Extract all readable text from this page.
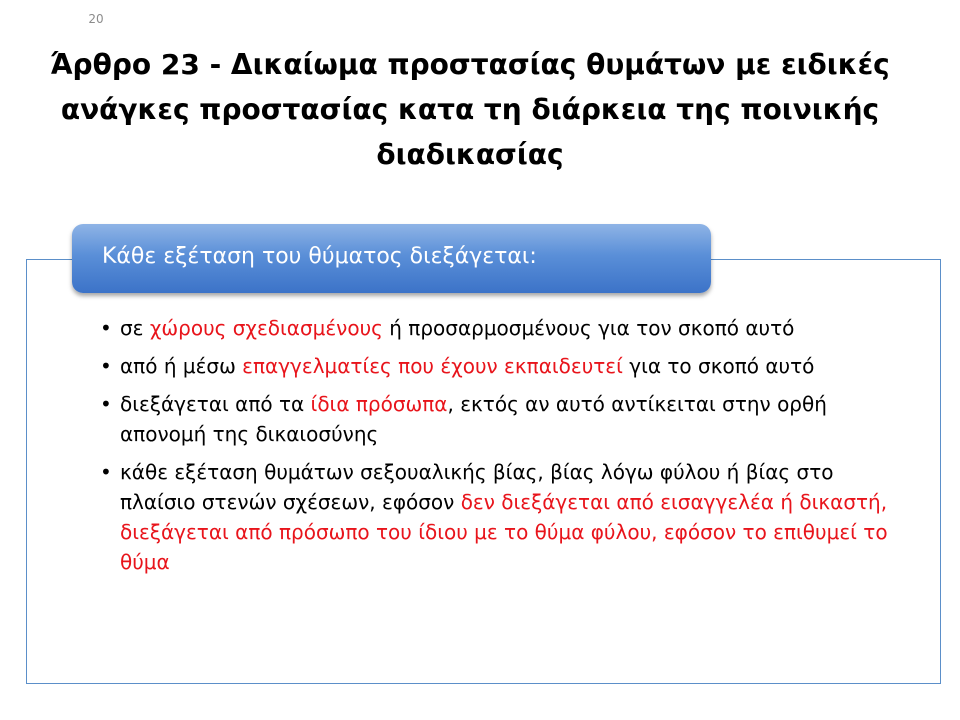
20
Άρθρο 23 - Δικαίωμα προστασίας θυμάτων με ειδικές ανάγκες προστασίας κατα τη διάρκεια της ποινικής διαδικασίας
Κάθε εξέταση του θύματος διεξάγεται:
• σε χώρους σχεδιασμένους ή προσαρμοσμένους για τον σκοπό αυτό
• από ή μέσω επαγγελματίες που έχουν εκπαιδευτεί για το σκοπό αυτό
• διεξάγεται από τα ίδια πρόσωπα, εκτός αν αυτό αντίκειται στην ορθή απονομή της δικαιοσύνης
• κάθε εξέταση θυμάτων σεξουαλικής βίας, βίας λόγω φύλου ή βίας στο πλαίσιο στενών σχέσεων, εφόσον δεν διεξάγεται από εισαγγελέα ή δικαστή, διεξάγεται από πρόσωπο του ίδιου με το θύμα φύλου, εφόσον το επιθυμεί το θύμα
